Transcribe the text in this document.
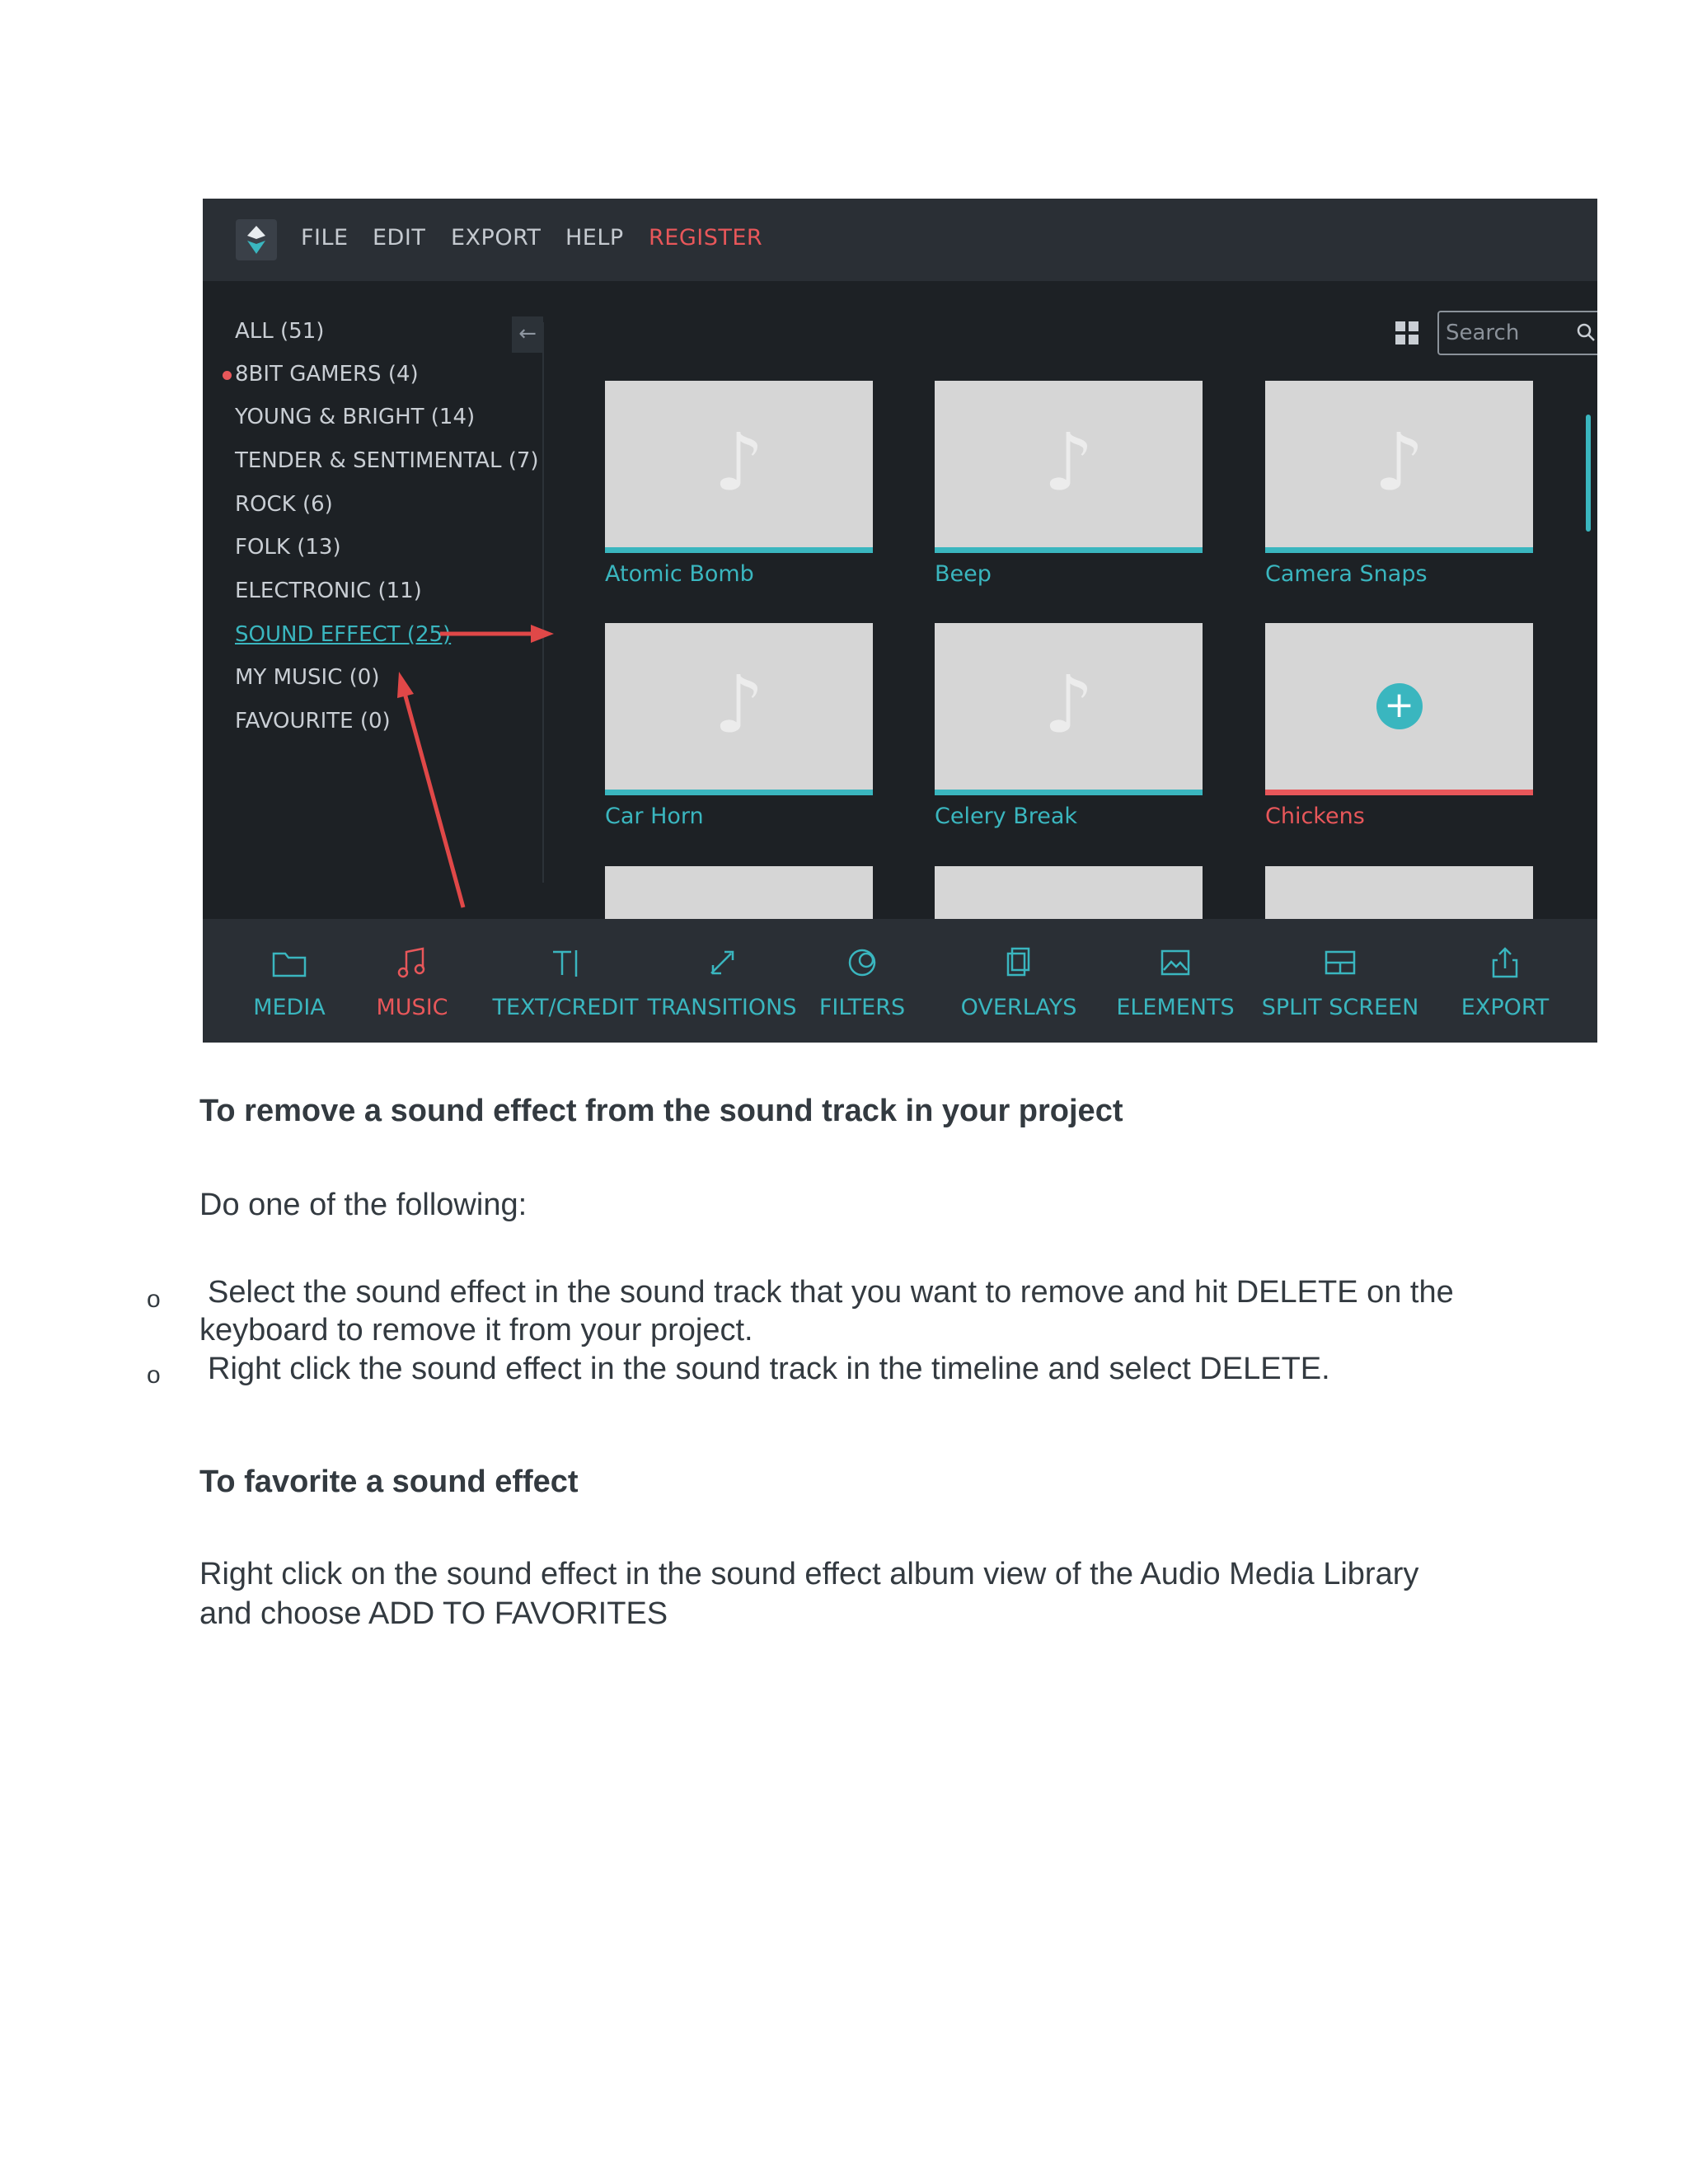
FILE EDIT EXPORT HELP REGISTER
←
ALL (51)
8BIT GAMERS (4)
YOUNG & BRIGHT (14)
TENDER & SENTIMENTAL (7)
ROCK (6)
FOLK (13)
ELECTRONIC (11)
SOUND EFFECT (25)
MY MUSIC (0)
FAVOURITE (0)
Search
♪	♪	♪
Atomic Bomb	Beep	Camera Snaps
♪	♪	+
Car Horn	Celery Break	Chickens
MEDIA MUSIC TEXT/CREDIT TRANSITIONS FILTERS OVERLAYS ELEMENTS SPLIT SCREEN EXPORT
To remove a sound effect from the sound track in your project
Do one of the following:
o Select the sound effect in the sound track that you want to remove and hit DELETE on the keyboard to remove it from your project.
o Right click the sound effect in the sound track in the timeline and select DELETE.
To favorite a sound effect
Right click on the sound effect in the sound effect album view of the Audio Media Library and choose ADD TO FAVORITES
